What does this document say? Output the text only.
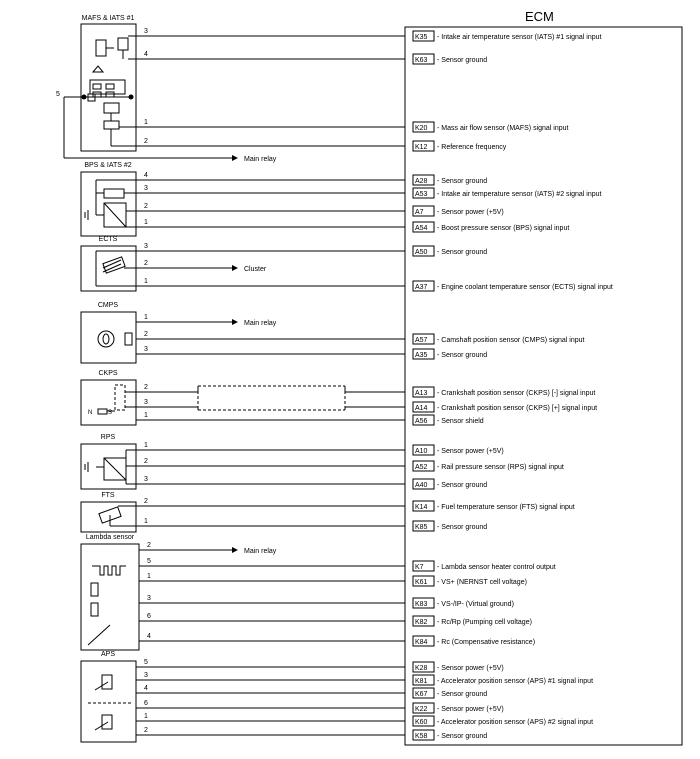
ECM
K35 - Intake air temperature sensor (IATS) #1 signal input
K63 - Sensor ground
K20 - Mass air flow sensor (MAFS) signal input
K12 - Reference frequency
A28 - Sensor ground
A53 - Intake air temperature sensor (IATS) #2 signal input
A7 - Sensor power (+5V)
A54 - Boost pressure sensor (BPS) signal input
A50 - Sensor ground
A37 - Engine coolant temperature sensor (ECTS) signal input
A57 - Camshaft position sensor (CMPS) signal input
A35 - Sensor ground
A13 - Crankshaft position sensor (CKPS) [-] signal input
A14 - Crankshaft position sensor (CKPS) [+] signal input
A56 - Sensor shield
A10 - Sensor power (+5V)
A52 - Rail pressure sensor (RPS) signal input
A40 - Sensor ground
K14 - Fuel temperature sensor (FTS) signal input
K85 - Sensor ground
K7 - Lambda sensor heater control output
K61 - VS+ (NERNST cell voltage)
K83 - VS-/IP- (Virtual ground)
K82 - Rc/Rp (Pumping cell voltage)
K84 - Rc (Compensative resistance)
K28 - Sensor power (+5V)
K81 - Accelerator position sensor (APS) #1 signal input
K67 - Sensor ground
K22 - Sensor power (+5V)
K60 - Accelerator position sensor (APS) #2 signal input
K58 - Sensor ground
MAFS & IATS #1
3
4
1
2
5
Main relay
BPS & IATS #2
4
3
2
1
ECTS
3
2
Cluster
1
CMPS
1
Main relay
2
3
CKPS
2
3
1
RPS
1
2
3
FTS
2
1
Lambda sensor
2
Main relay
5
1
3
6
4
APS
5
3
4
6
1
2
N	S
